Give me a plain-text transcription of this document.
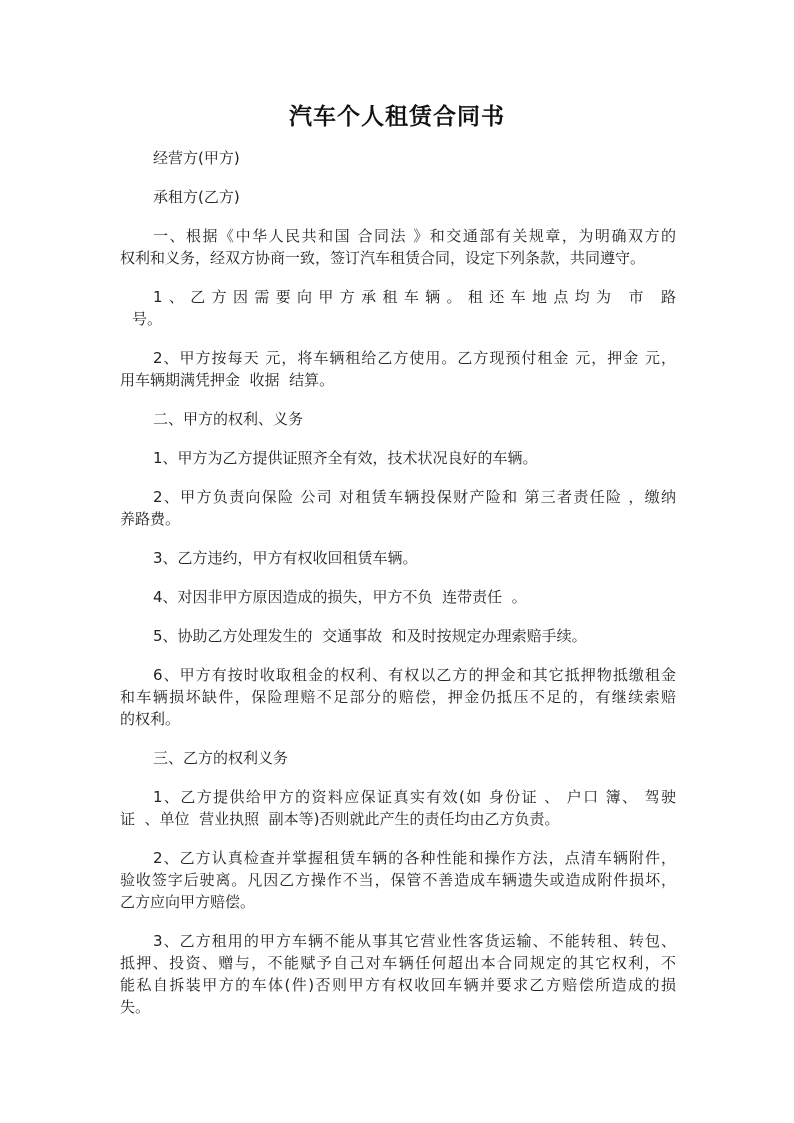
汽车个人租赁合同书
经营方(甲方)
承租方(乙方)
一、根据《中华人民共和国 合同法 》和交通部有关规章，为明确双方的
权利和义务，经双方协商一致，签订汽车租赁合同，设定下列条款，共同遵守。
1、乙方因需要向甲方承租车辆。租还车地点均为 市 路
号。
2、甲方按每天 元，将车辆租给乙方使用。乙方现预付租金 元，押金 元，
用车辆期满凭押金  收据  结算。
二、甲方的权利、义务
1、甲方为乙方提供证照齐全有效，技术状况良好的车辆。
2、甲方负责向保险 公司 对租赁车辆投保财产险和 第三者责任险 ，缴纳
养路费。
3、乙方违约，甲方有权收回租赁车辆。
4、对因非甲方原因造成的损失，甲方不负  连带责任  。
5、协助乙方处理发生的  交通事故  和及时按规定办理索赔手续。
6、甲方有按时收取租金的权利、有权以乙方的押金和其它抵押物抵缴租金
和车辆损坏缺件，保险理赔不足部分的赔偿，押金仍抵压不足的，有继续索赔
的权利。
三、乙方的权利义务
1、乙方提供给甲方的资料应保证真实有效(如 身份证 、 户口 簿、 驾驶
证  、单位  营业执照  副本等)否则就此产生的责任均由乙方负责。
2、乙方认真检查并掌握租赁车辆的各种性能和操作方法，点清车辆附件，
验收签字后驶离。凡因乙方操作不当，保管不善造成车辆遗失或造成附件损坏，
乙方应向甲方赔偿。
3、乙方租用的甲方车辆不能从事其它营业性客货运输、不能转租、转包、
抵押、投资、赠与，不能赋予自己对车辆任何超出本合同规定的其它权利，不
能私自拆装甲方的车体(件)否则甲方有权收回车辆并要求乙方赔偿所造成的损
失。
